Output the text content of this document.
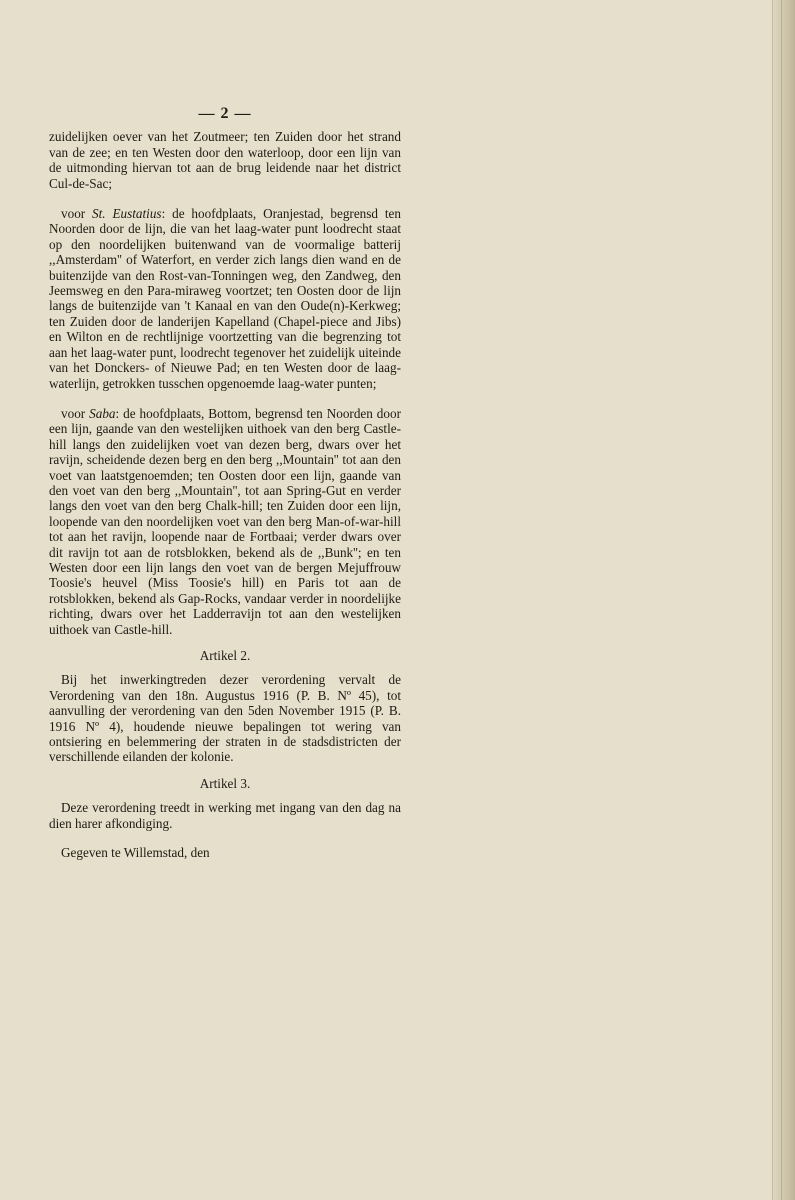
— 2 —

zuidelijken oever van het Zoutmeer; ten Zuiden door het strand van de zee; en ten Westen door den waterloop, door een lijn van de uitmonding hiervan tot aan de brug leidende naar het district Cul-de-Sac;

voor St. Eustatius: de hoofdplaats, Oranjestad, begrensd ten Noorden door de lijn, die van het laag-water punt loodrecht staat op den noordelijken buitenwand van de voormalige batterij ,,Amsterdam'' of Waterfort, en verder zich langs dien wand en de buitenzijde van den Rost-van-Tonningen weg, den Zandweg, den Jeemsweg en den Para-miraweg voortzet; ten Oosten door de lijn langs de buitenzijde van 't Kanaal en van den Oude(n)-Kerkweg; ten Zuiden door de landerijen Kapelland (Chapel-piece and Jibs) en Wilton en de rechtlijnige voortzetting van die begrenzing tot aan het laag-water punt, loodrecht tegenover het zuidelijk uiteinde van het Donckers- of Nieuwe Pad; en ten Westen door de laag-waterlijn, getrokken tusschen opgenoemde laag-water punten;

voor Saba: de hoofdplaats, Bottom, begrensd ten Noorden door een lijn, gaande van den westelijken uithoek van den berg Castle-hill langs den zuidelijken voet van dezen berg, dwars over het ravijn, scheidende dezen berg en den berg ,,Mountain'' tot aan den voet van laatstgenoemden; ten Oosten door een lijn, gaande van den voet van den berg ,,Mountain'', tot aan Spring-Gut en verder langs den voet van den berg Chalk-hill; ten Zuiden door een lijn, loopende van den noordelijken voet van den berg Man-of-war-hill tot aan het ravijn, loopende naar de Fortbaai; verder dwars over dit ravijn tot aan de rotsblokken, bekend als de ,,Bunk''; en ten Westen door een lijn langs den voet van de bergen Mejuffrouw Toosie's heuvel (Miss Toosie's hill) en Paris tot aan de rotsblokken, bekend als Gap-Rocks, vandaar verder in noordelijke richting, dwars over het Ladderravijn tot aan den westelijken uithoek van Castle-hill.

Artikel 2.

Bij het inwerkingtreden dezer verordening vervalt de Verordening van den 18n. Augustus 1916 (P. B. Nº 45), tot aanvulling der verordening van den 5den November 1915 (P. B. 1916 Nº 4), houdende nieuwe bepalingen tot wering van ontsiering en belemmering der straten in de stadsdistricten der verschillende eilanden der kolonie.

Artikel 3.

Deze verordening treedt in werking met ingang van den dag na dien harer afkondiging.

Gegeven te Willemstad, den
